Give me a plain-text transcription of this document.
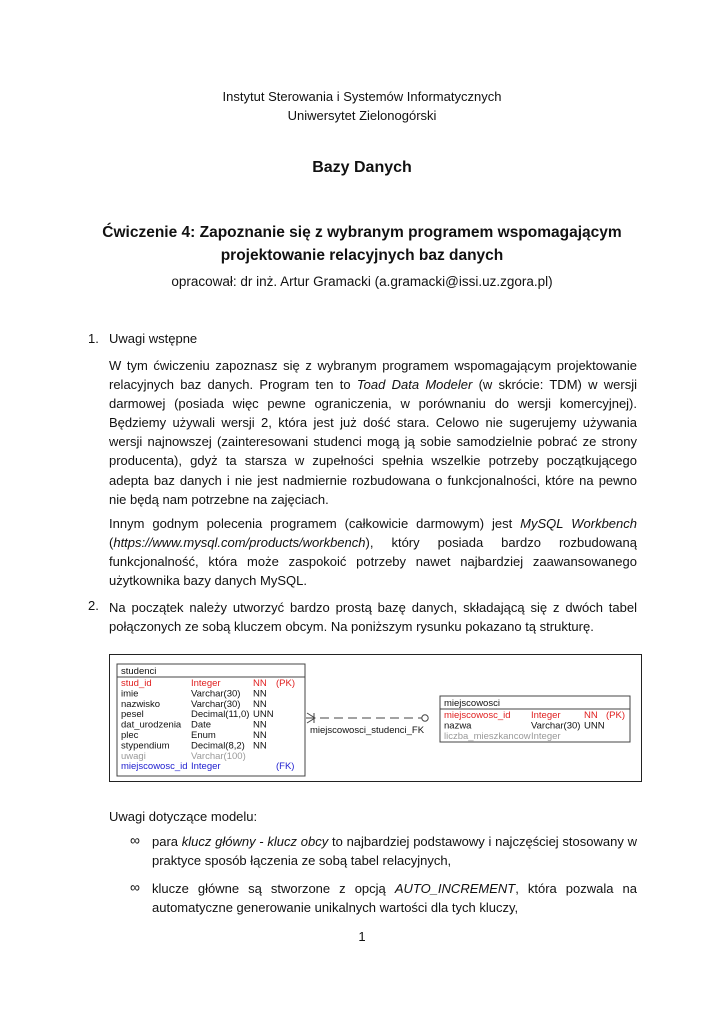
Instytut Sterowania i Systemów Informatycznych
Uniwersytet Zielonogórski
Bazy Danych
Ćwiczenie 4: Zapoznanie się z wybranym programem wspomagającym
projektowanie relacyjnych baz danych
opracował: dr inż. Artur Gramacki (a.gramacki@issi.uz.zgora.pl)
1. Uwagi wstępne
W tym ćwiczeniu zapoznasz się z wybranym programem wspomagającym projektowanie relacyjnych baz danych. Program ten to Toad Data Modeler (w skrócie: TDM) w wersji darmowej (posiada więc pewne ograniczenia, w porównaniu do wersji komercyjnej). Będziemy używali wersji 2, która jest już dość stara. Celowo nie sugerujemy używania wersji najnowszej (zainteresowani studenci mogą ją sobie samodzielnie pobrać ze strony producenta), gdyż ta starsza w zupełności spełnia wszelkie potrzeby początkującego adepta baz danych i nie jest nadmiernie rozbudowana o funkcjonalności, które na pewno nie będą nam potrzebne na zajęciach.
Innym godnym polecenia programem (całkowicie darmowym) jest MySQL Workbench (https://www.mysql.com/products/workbench), który posiada bardzo rozbudowaną funkcjonalność, która może zaspokoić potrzeby nawet najbardziej zaawansowanego użytkownika bazy danych MySQL.
2. Na początek należy utworzyć bardzo prostą bazę danych, składającą się z dwóch tabel połączonych ze sobą kluczem obcym. Na poniższym rysunku pokazano tą strukturę.
studenci
stud_id	Integer	NN (PK)
imie	Varchar(30) NN
nazwisko	Varchar(30) NN
pesel	Decimal(11,0) UNN
dat_urodzenia Date	NN
plec	Enum	NN
stypendium Decimal(8,2) NN
uwagi	Varchar(100)
miejscowosc_id Integer	(FK)
miejscowosci_studenci_FK
miejscowosci
miejscowosc_id Integer NN (PK)
nazwa	Varchar(30) UNN
liczba_mieszkancow Integer
Uwagi dotyczące modelu:
∞ para klucz główny - klucz obcy to najbardziej podstawowy i najczęściej stosowany w praktyce sposób łączenia ze sobą tabel relacyjnych,
∞ klucze główne są stworzone z opcją AUTO_INCREMENT, która pozwala na automatyczne generowanie unikalnych wartości dla tych kluczy,
1
